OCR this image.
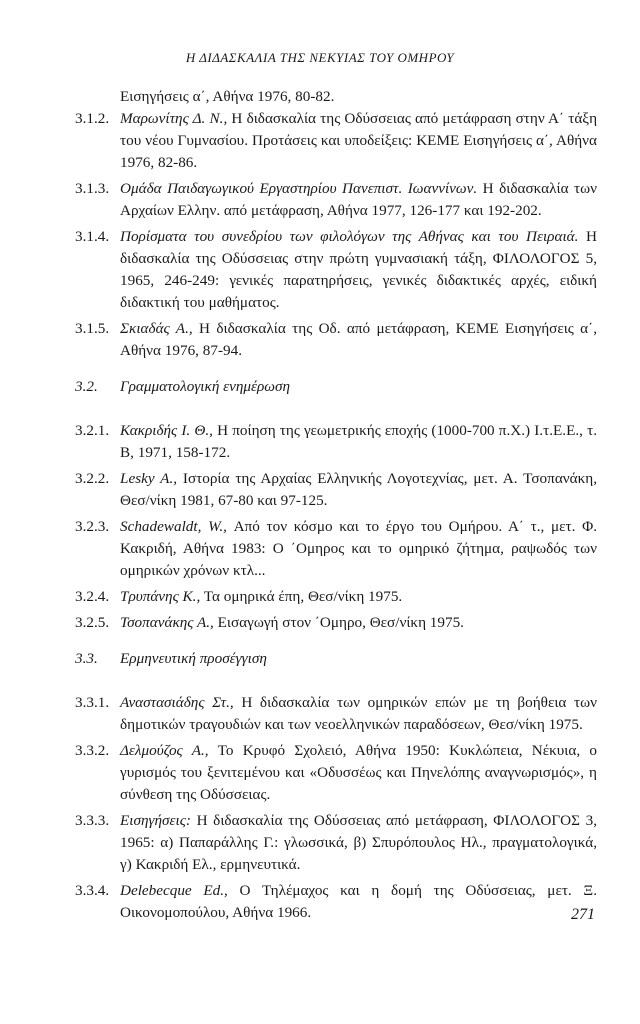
Η ΔΙΔΑΣΚΑΛΙΑ ΤΗΣ ΝΕΚΥΙΑΣ ΤΟΥ ΟΜΗΡΟΥ
Εισηγήσεις α΄, Αθήνα 1976, 80-82.
3.1.2. Μαρωνίτης Δ. Ν., Η διδασκαλία της Οδύσσειας από μετάφραση στην Α΄ τάξη του νέου Γυμνασίου. Προτάσεις και υποδείξεις: ΚΕΜΕ Εισηγήσεις α΄, Αθήνα 1976, 82-86.
3.1.3. Ομάδα Παιδαγωγικού Εργαστηρίου Πανεπιστ. Ιωαννίνων. Η διδασκαλία των Αρχαίων Ελλην. από μετάφραση, Αθήνα 1977, 126-177 και 192-202.
3.1.4. Πορίσματα του συνεδρίου των φιλολόγων της Αθήνας και του Πειραιά. Η διδασκαλία της Οδύσσειας στην πρώτη γυμνασιακή τάξη, ΦΙΛΟΛΟΓΟΣ 5, 1965, 246-249: γενικές παρατηρήσεις, γενικές διδακτικές αρχές, ειδική διδακτική του μαθήματος.
3.1.5. Σκιαδάς Α., Η διδασκαλία της Οδ. από μετάφραση, ΚΕΜΕ Εισηγήσεις α΄, Αθήνα 1976, 87-94.
3.2.	Γραμματολογική ενημέρωση
3.2.1. Κακριδής Ι. Θ., Η ποίηση της γεωμετρικής εποχής (1000-700 π.Χ.) Ι.τ.Ε.Ε., τ. Β, 1971, 158-172.
3.2.2. Lesky A., Ιστορία της Αρχαίας Ελληνικής Λογοτεχνίας, μετ. Α. Τσοπανάκη, Θεσ/νίκη 1981, 67-80 και 97-125.
3.2.3. Schadewaldt, W., Από τον κόσμο και το έργο του Ομήρου. Α΄ τ., μετ. Φ. Κακριδή, Αθήνα 1983: Ο ΄Ομηρος και το ομηρικό ζήτημα, ραψωδός των ομηρικών χρόνων κτλ...
3.2.4. Τρυπάνης Κ., Τα ομηρικά έπη, Θεσ/νίκη 1975.
3.2.5. Τσοπανάκης Α., Εισαγωγή στον ΄Ομηρο, Θεσ/νίκη 1975.
3.3.	Ερμηνευτική προσέγγιση
3.3.1. Αναστασιάδης Στ., Η διδασκαλία των ομηρικών επών με τη βοήθεια των δημοτικών τραγουδιών και των νεοελληνικών παραδόσεων, Θεσ/νίκη 1975.
3.3.2. Δελμούζος Α., Το Κρυφό Σχολειό, Αθήνα 1950: Κυκλώπεια, Νέκυια, ο γυρισμός του ξενιτεμένου και «Οδυσσέως και Πηνελόπης αναγνωρισμός», η σύνθεση της Οδύσσειας.
3.3.3. Εισηγήσεις: Η διδασκαλία της Οδύσσειας από μετάφραση, ΦΙΛΟΛΟΓΟΣ 3, 1965: α) Παπαράλλης Γ.: γλωσσικά, β) Σπυρόπουλος Ηλ., πραγματολογικά, γ) Κακριδή Ελ., ερμηνευτικά.
3.3.4. Delebecque Ed., Ο Τηλέμαχος και η δομή της Οδύσσειας, μετ. Ξ. Οικονομοπούλου, Αθήνα 1966.	271
